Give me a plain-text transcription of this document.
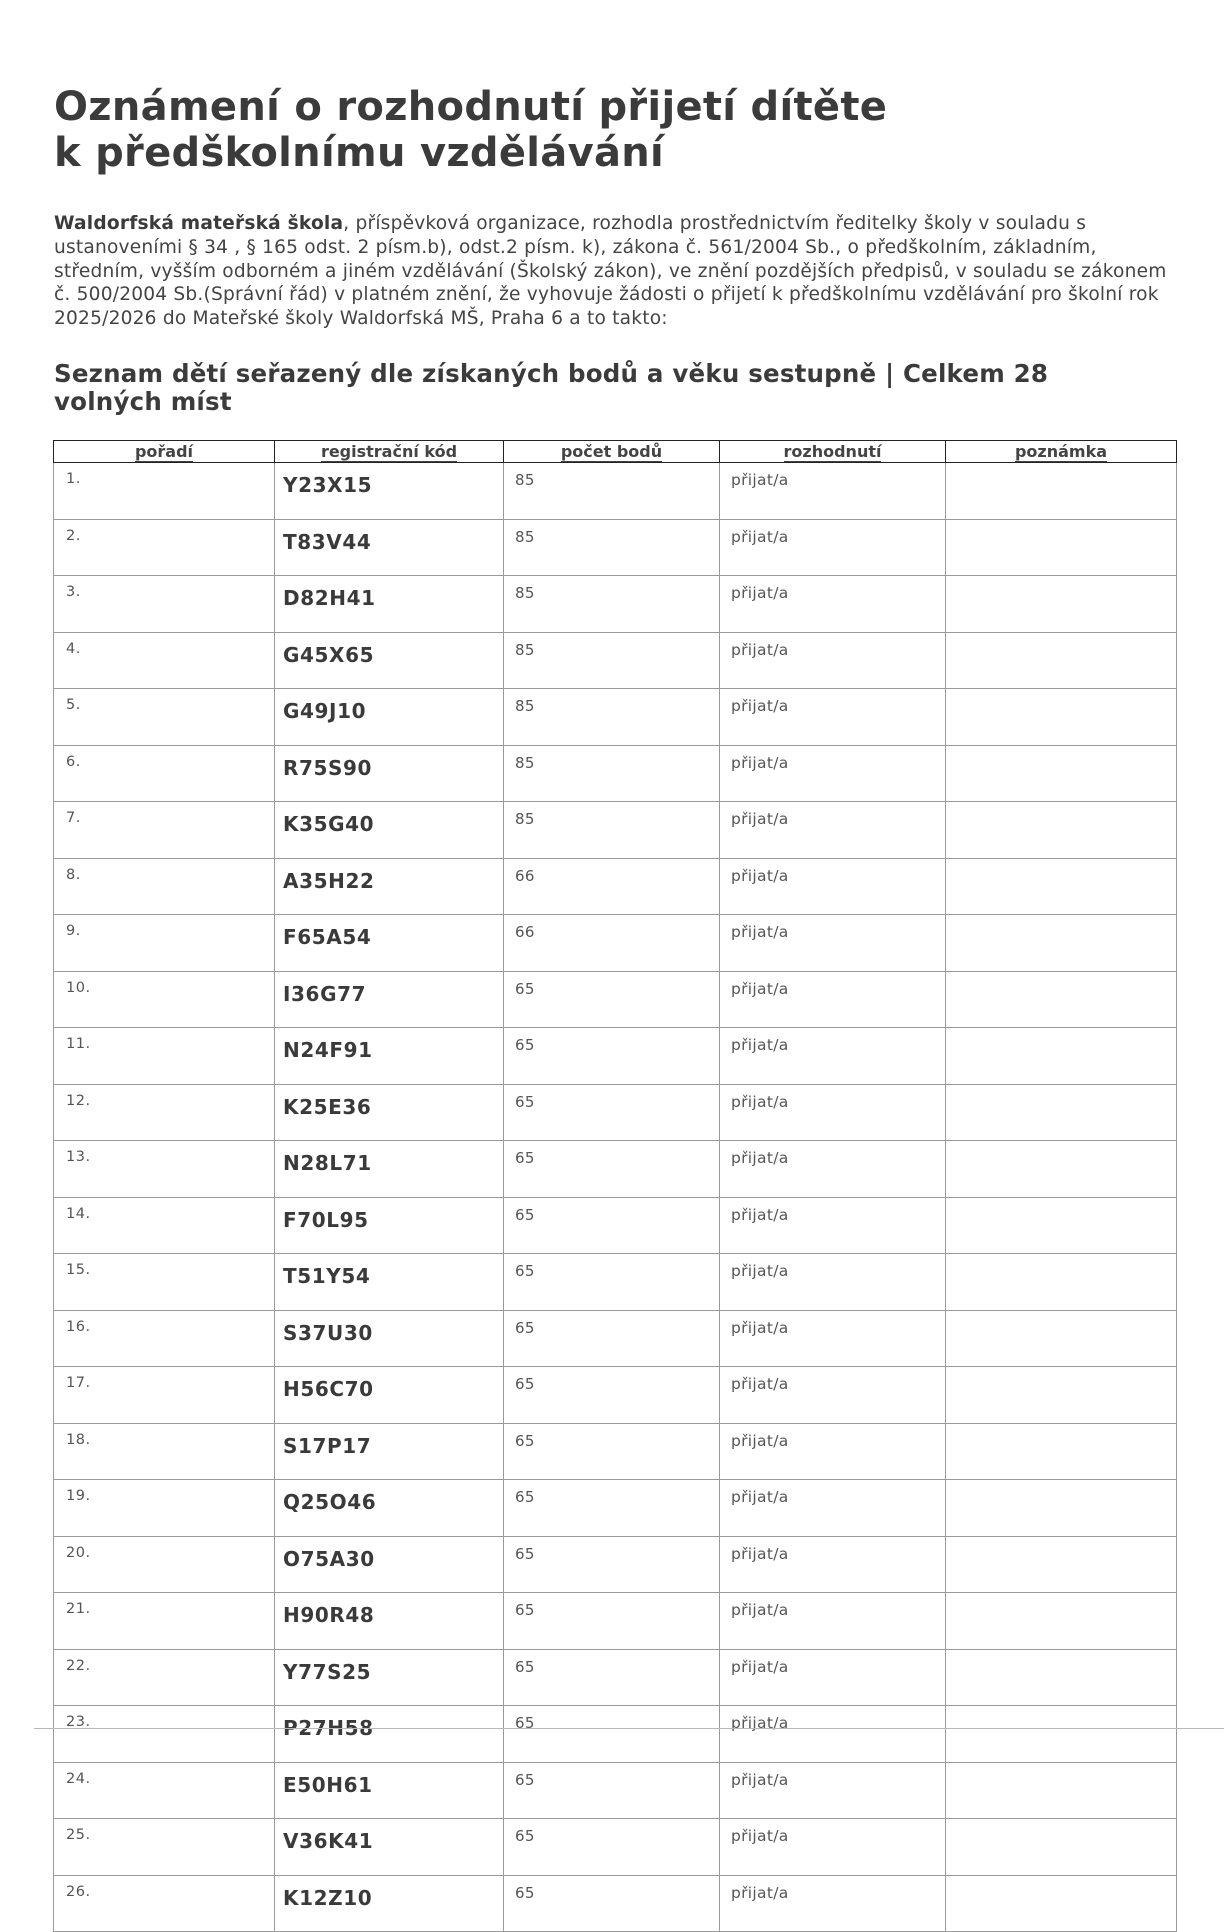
Oznámení o rozhodnutí přijetí dítěte
k předškolnímu vzdělávání

Waldorfská mateřská škola, příspěvková organizace, rozhodla prostřednictvím ředitelky školy v souladu s ustanoveními § 34 , § 165 odst. 2 písm.b), odst.2 písm. k), zákona č. 561/2004 Sb., o předškolním, základním, středním, vyšším odborném a jiném vzdělávání (Školský zákon), ve znění pozdějších předpisů, v souladu se zákonem č. 500/2004 Sb.(Správní řád) v platném znění, že vyhovuje žádosti o přijetí k předškolnímu vzdělávání pro školní rok 2025/2026 do Mateřské školy Waldorfská MŠ, Praha 6 a to takto:

Seznam dětí seřazený dle získaných bodů a věku sestupně | Celkem 28 volných míst
pořadí	registrační kód	počet bodů	rozhodnutí	poznámka
1.	Y23X15	85	přijat/a	
2.	T83V44	85	přijat/a	
3.	D82H41	85	přijat/a	
4.	G45X65	85	přijat/a	
5.	G49J10	85	přijat/a	
6.	R75S90	85	přijat/a	
7.	K35G40	85	přijat/a	
8.	A35H22	66	přijat/a	
9.	F65A54	66	přijat/a	
10.	I36G77	65	přijat/a	
11.	N24F91	65	přijat/a	
12.	K25E36	65	přijat/a	
13.	N28L71	65	přijat/a	
14.	F70L95	65	přijat/a	
15.	T51Y54	65	přijat/a	
16.	S37U30	65	přijat/a	
17.	H56C70	65	přijat/a	
18.	S17P17	65	přijat/a	
19.	Q25O46	65	přijat/a	
20.	O75A30	65	přijat/a	
21.	H90R48	65	přijat/a	
22.	Y77S25	65	přijat/a	
23.	P27H58	65	přijat/a	
24.	E50H61	65	přijat/a	
25.	V36K41	65	přijat/a	
26.	K12Z10	65	přijat/a	
